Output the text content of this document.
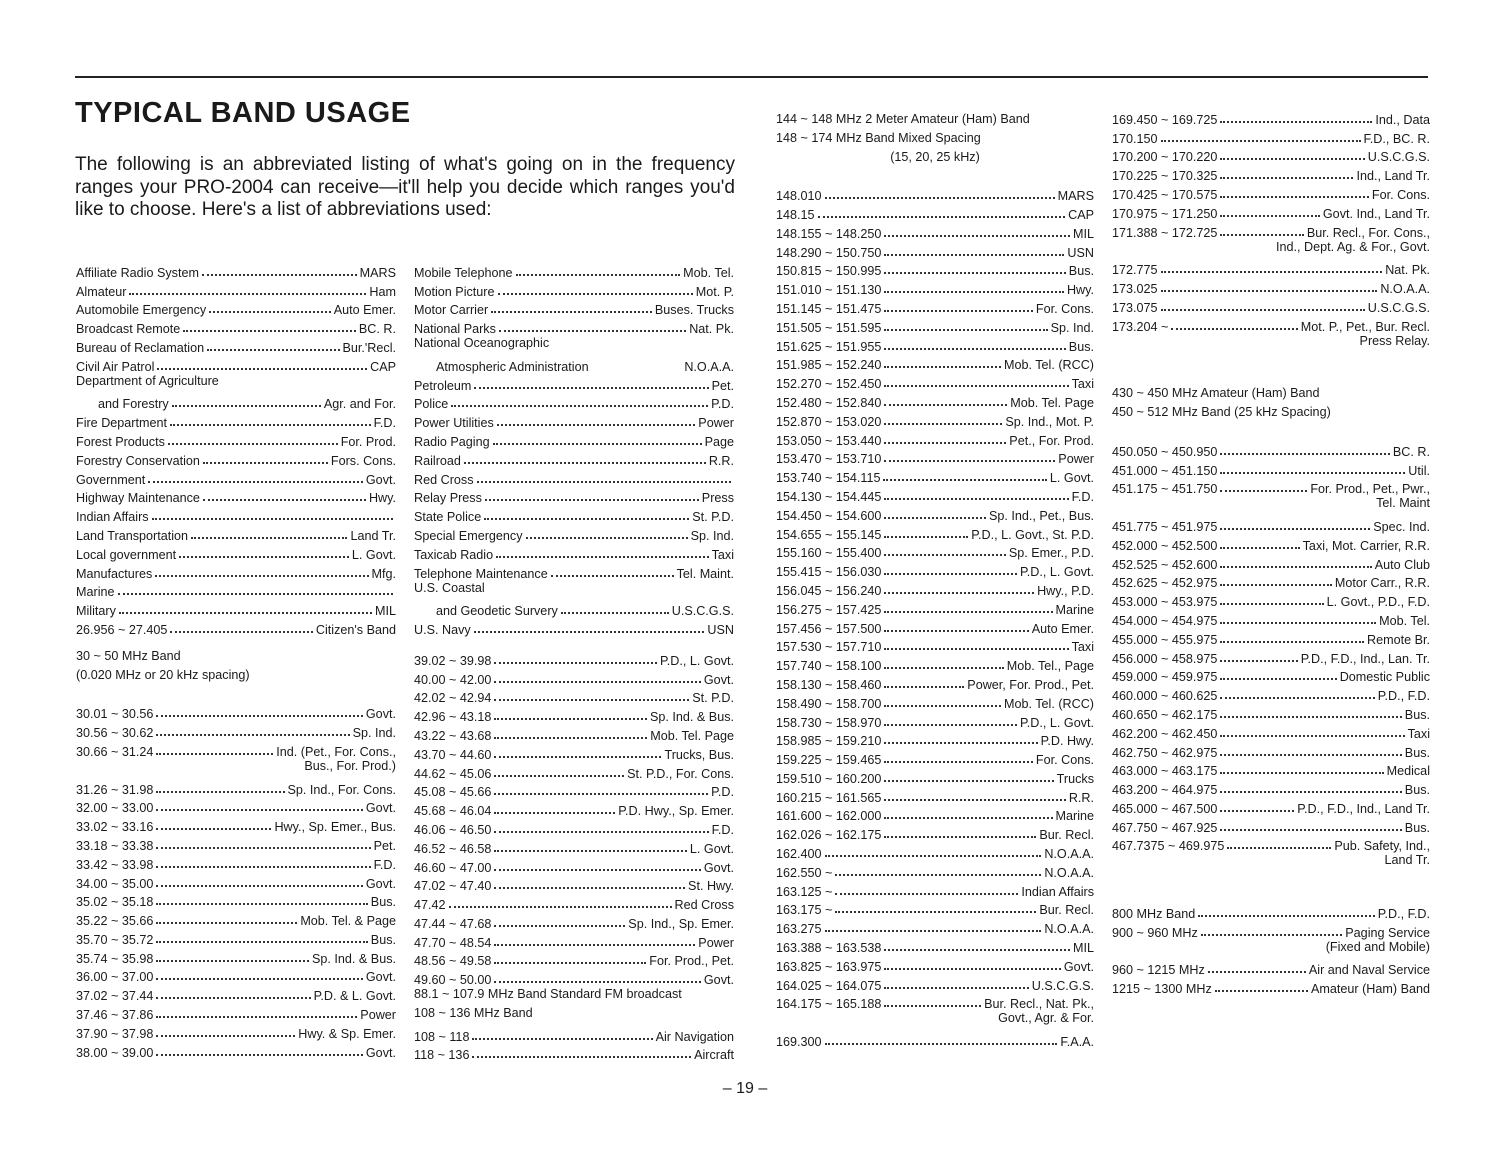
TYPICAL BAND USAGE

The following is an abbreviated listing of what's going on in the frequency ranges your PRO-2004 can receive—it'll help you decide which ranges you'd like to choose. Here's a list of abbreviations used:

Affiliate Radio System	MARS
Almateur	Ham
Automobile Emergency	Auto Emer.
Broadcast Remote	BC. R.
Bureau of Reclamation	Bur.'Recl.
Civil Air Patrol	CAP
Department of Agriculture
and Forestry	Agr. and For.
Fire Department	F.D.
Forest Products	For. Prod.
Forestry Conservation	Fors. Cons.
Government	Govt.
Highway Maintenance	Hwy.
Indian Affairs
Land Transportation	Land Tr.
Local government	L. Govt.
Manufactures	Mfg.
Marine
Military	MIL
26.956 ~ 27.405	Citizen's Band
30 ~ 50 MHz Band
(0.020 MHz or 20 kHz spacing)
30.01 ~ 30.56	Govt.
30.56 ~ 30.62	Sp. Ind.
30.66 ~ 31.24	Ind. (Pet., For. Cons.,
Bus., For. Prod.)
31.26 ~ 31.98	Sp. Ind., For. Cons.
32.00 ~ 33.00	Govt.
33.02 ~ 33.16	Hwy., Sp. Emer., Bus.
33.18 ~ 33.38	Pet.
33.42 ~ 33.98	F.D.
34.00 ~ 35.00	Govt.
35.02 ~ 35.18	Bus.
35.22 ~ 35.66	Mob. Tel. & Page
35.70 ~ 35.72	Bus.
35.74 ~ 35.98	Sp. Ind. & Bus.
36.00 ~ 37.00	Govt.
37.02 ~ 37.44	P.D. & L. Govt.
37.46 ~ 37.86	Power
37.90 ~ 37.98	Hwy. & Sp. Emer.
38.00 ~ 39.00	Govt.
Mobile Telephone	Mob. Tel.
Motion Picture	Mot. P.
Motor Carrier	Buses. Trucks
National Parks	Nat. Pk.
National Oceanographic
Atmospheric Administration	N.O.A.A.
Petroleum	Pet.
Police	P.D.
Power Utilities	Power
Radio Paging	Page
Railroad	R.R.
Red Cross
Relay Press	Press
State Police	St. P.D.
Special Emergency	Sp. Ind.
Taxicab Radio	Taxi
Telephone Maintenance	Tel. Maint.
U.S. Coastal
and Geodetic Survery	U.S.C.G.S.
U.S. Navy	USN
39.02 ~ 39.98	P.D., L. Govt.
40.00 ~ 42.00	Govt.
42.02 ~ 42.94	St. P.D.
42.96 ~ 43.18	Sp. Ind. & Bus.
43.22 ~ 43.68	Mob. Tel. Page
43.70 ~ 44.60	Trucks, Bus.
44.62 ~ 45.06	St. P.D., For. Cons.
45.08 ~ 45.66	P.D.
45.68 ~ 46.04	P.D. Hwy., Sp. Emer.
46.06 ~ 46.50	F.D.
46.52 ~ 46.58	L. Govt.
46.60 ~ 47.00	Govt.
47.02 ~ 47.40	St. Hwy.
47.42	Red Cross
47.44 ~ 47.68	Sp. Ind., Sp. Emer.
47.70 ~ 48.54	Power
48.56 ~ 49.58	For. Prod., Pet.
49.60 ~ 50.00	Govt.
88.1 ~ 107.9 MHz Band Standard FM broadcast
108 ~ 136 MHz Band
108 ~ 118	Air Navigation
118 ~ 136	Aircraft
144 ~ 148 MHz 2 Meter Amateur (Ham) Band
148 ~ 174 MHz Band Mixed Spacing
(15, 20, 25 kHz)
148.010	MARS
148.15	CAP
148.155 ~ 148.250	MIL
148.290 ~ 150.750	USN
150.815 ~ 150.995	Bus.
151.010 ~ 151.130	Hwy.
151.145 ~ 151.475	For. Cons.
151.505 ~ 151.595	Sp. Ind.
151.625 ~ 151.955	Bus.
151.985 ~ 152.240	Mob. Tel. (RCC)
152.270 ~ 152.450	Taxi
152.480 ~ 152.840	Mob. Tel. Page
152.870 ~ 153.020	Sp. Ind., Mot. P.
153.050 ~ 153.440	Pet., For. Prod.
153.470 ~ 153.710	Power
153.740 ~ 154.115	L. Govt.
154.130 ~ 154.445	F.D.
154.450 ~ 154.600	Sp. Ind., Pet., Bus.
154.655 ~ 155.145	P.D., L. Govt., St. P.D.
155.160 ~ 155.400	Sp. Emer., P.D.
155.415 ~ 156.030	P.D., L. Govt.
156.045 ~ 156.240	Hwy., P.D.
156.275 ~ 157.425	Marine
157.456 ~ 157.500	Auto Emer.
157.530 ~ 157.710	Taxi
157.740 ~ 158.100	Mob. Tel., Page
158.130 ~ 158.460	Power, For. Prod., Pet.
158.490 ~ 158.700	Mob. Tel. (RCC)
158.730 ~ 158.970	P.D., L. Govt.
158.985 ~ 159.210	P.D. Hwy.
159.225 ~ 159.465	For. Cons.
159.510 ~ 160.200	Trucks
160.215 ~ 161.565	R.R.
161.600 ~ 162.000	Marine
162.026 ~ 162.175	Bur. Recl.
162.400	N.O.A.A.
162.550 ~	N.O.A.A.
163.125 ~	Indian Affairs
163.175 ~	Bur. Recl.
163.275	N.O.A.A.
163.388 ~ 163.538	MIL
163.825 ~ 163.975	Govt.
164.025 ~ 164.075	U.S.C.G.S.
164.175 ~ 165.188	Bur. Recl., Nat. Pk.,
Govt., Agr. & For.
169.300	F.A.A.
169.450 ~ 169.725	Ind., Data
170.150	F.D., BC. R.
170.200 ~ 170.220	U.S.C.G.S.
170.225 ~ 170.325	Ind., Land Tr.
170.425 ~ 170.575	For. Cons.
170.975 ~ 171.250	Govt. Ind., Land Tr.
171.388 ~ 172.725	Bur. Recl., For. Cons.,
Ind., Dept. Ag. & For., Govt.
172.775	Nat. Pk.
173.025	N.O.A.A.
173.075	U.S.C.G.S.
173.204 ~	Mot. P., Pet., Bur. Recl.
Press Relay.
430 ~ 450 MHz Amateur (Ham) Band
450 ~ 512 MHz Band (25 kHz Spacing)
450.050 ~ 450.950	BC. R.
451.000 ~ 451.150	Util.
451.175 ~ 451.750	For. Prod., Pet., Pwr.,
Tel. Maint
451.775 ~ 451.975	Spec. Ind.
452.000 ~ 452.500	Taxi, Mot. Carrier, R.R.
452.525 ~ 452.600	Auto Club
452.625 ~ 452.975	Motor Carr., R.R.
453.000 ~ 453.975	L. Govt., P.D., F.D.
454.000 ~ 454.975	Mob. Tel.
455.000 ~ 455.975	Remote Br.
456.000 ~ 458.975	P.D., F.D., Ind., Lan. Tr.
459.000 ~ 459.975	Domestic Public
460.000 ~ 460.625	P.D., F.D.
460.650 ~ 462.175	Bus.
462.200 ~ 462.450	Taxi
462.750 ~ 462.975	Bus.
463.000 ~ 463.175	Medical
463.200 ~ 464.975	Bus.
465.000 ~ 467.500	P.D., F.D., Ind., Land Tr.
467.750 ~ 467.925	Bus.
467.7375 ~ 469.975	Pub. Safety, Ind.,
Land Tr.
800 MHz Band	P.D., F.D.
900 ~ 960 MHz	Paging Service
(Fixed and Mobile)
960 ~ 1215 MHz	Air and Naval Service
1215 ~ 1300 MHz	Amateur (Ham) Band
– 19 –
